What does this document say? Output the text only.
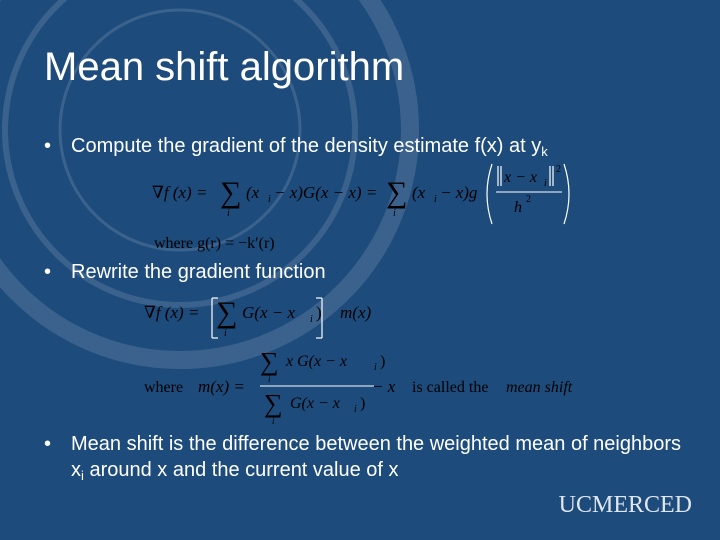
Mean shift algorithm
• Compute the gradient of the density estimate f(x) at $y_k$
∇f (x) = ∑
i
(x i − x)G(x − x) = ∑
i
(x i − x)g
x − x i
2
h 2
where g(r) = −k′(r)
• Rewrite the gradient function
∇f (x) = ∑
i
G(x − x i ) m(x)
where m(x) =
∑
i
x G(x − x	i )
∑
i
G(x − x i )
− x is called the mean shift
• Mean shift is the difference between the weighted mean of neighbors $x_i$ around x and the current value of x
UCMERCED
